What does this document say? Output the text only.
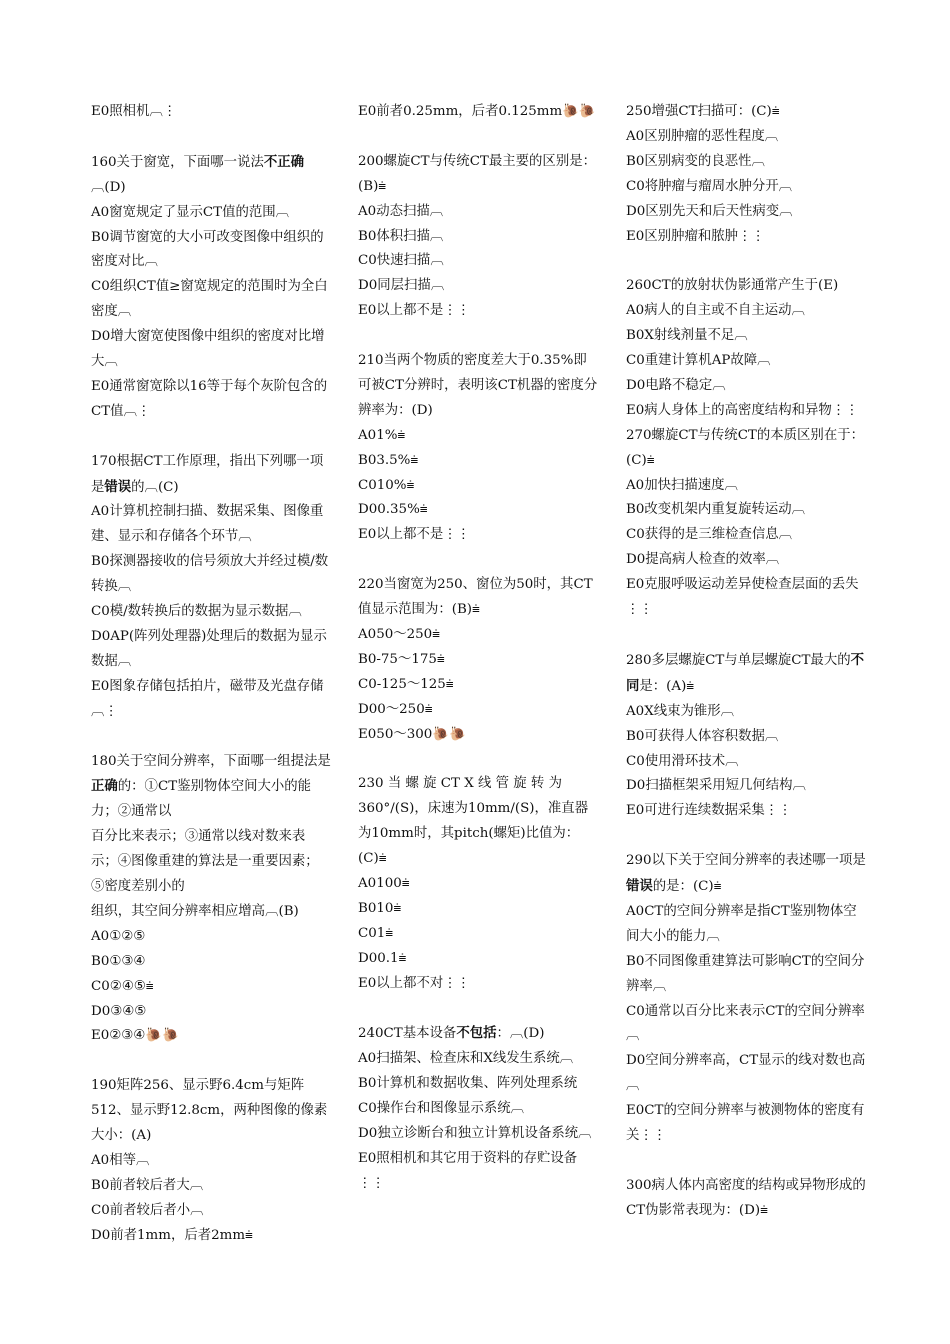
E0照相机︹⋮

160关于窗宽，下面哪一说法不正确︹(D)

A0窗宽规定了显示CT值的范围︹

B0调节窗宽的大小可改变图像中组织的密度对比︹

C0组织CT值≥窗宽规定的范围时为全白密度︹

D0增大窗宽使图像中组织的密度对比增大︹

E0通常窗宽除以16等于每个灰阶包含的CT值︹⋮

170根据CT工作原理，指出下列哪一项是错误的︹(C)

A0计算机控制扫描、数据采集、图像重建、显示和存储各个环节︹

B0探测器接收的信号须放大并经过模/数转换︹

C0模/数转换后的数据为显示数据︹

D0AP(阵列处理器)处理后的数据为显示数据︹

E0图象存储包括拍片，磁带及光盘存储︹⋮

180关于空间分辨率，下面哪一组提法是正确的：①CT鉴别物体空间大小的能力；②通常以

百分比来表示；③通常以线对数来表示；④图像重建的算法是一重要因素；⑤密度差别小的

组织，其空间分辨率相应增高︹(B)

A0①②⑤

B0①③④

C0②④⑤⩧

D0③④⑤

E0②③④🐌🐌

190矩阵256、显示野6.4cm与矩阵512、显示野12.8cm，两种图像的像素大小：(A)

A0相等︹

B0前者较后者大︹

C0前者较后者小︹

D0前者1mm，后者2mm⩧

E0前者0.25mm，后者0.125mm🐌🐌

200螺旋CT与传统CT最主要的区别是：(B)⩧

A0动态扫描︹

B0体积扫描︹

C0快速扫描︹

D0同层扫描︹

E0以上都不是⋮⋮

210当两个物质的密度差大于0.35%即可被CT分辨时，表明该CT机器的密度分辨率为：(D)

A01%⩧

B03.5%⩧

C010%⩧

D00.35%⩧

E0以上都不是⋮⋮

220当窗宽为250、窗位为50时，其CT值显示范围为：(B)⩧

A050～250⩧

B0-75～175⩧

C0-125～125⩧

D00～250⩧

E050～300🐌🐌

230 当 螺 旋 CT X 线 管 旋 转 为360°/(S)，床速为10mm/(S)，准直器为10mm时，其pitch(螺矩)比值为：(C)⩧

A0100⩧

B010⩧

C01⩧

D00.1⩧

E0以上都不对⋮⋮

240CT基本设备不包括：︹(D)

A0扫描架、检查床和X线发生系统︹

B0计算机和数据收集、阵列处理系统

C0操作台和图像显示系统︹

D0独立诊断台和独立计算机设备系统︹

E0照相机和其它用于资料的存贮设备⋮⋮

250增强CT扫描可：(C)⩧

A0区别肿瘤的恶性程度︹

B0区别病变的良恶性︹

C0将肿瘤与瘤周水肿分开︹

D0区别先天和后天性病变︹

E0区别肿瘤和脓肿⋮⋮

260CT的放射状伪影通常产生于(E)

A0病人的自主或不自主运动︹

B0X射线剂量不足︹

C0重建计算机AP故障︹

D0电路不稳定︹

E0病人身体上的高密度结构和异物⋮⋮

270螺旋CT与传统CT的本质区别在于：(C)⩧

A0加快扫描速度︹

B0改变机架内重复旋转运动︹

C0获得的是三维检查信息︹

D0提高病人检查的效率︹

E0克服呼吸运动差异使检查层面的丢失⋮⋮

280多层螺旋CT与单层螺旋CT最大的不同是：(A)⩧

A0X线束为锥形︹

B0可获得人体容积数据︹

C0使用滑环技术︹

D0扫描框架采用短几何结构︹

E0可进行连续数据采集⋮⋮

290以下关于空间分辨率的表述哪一项是错误的是：(C)⩧

A0CT的空间分辨率是指CT鉴别物体空间大小的能力︹

B0不同图像重建算法可影响CT的空间分辨率︹

C0通常以百分比来表示CT的空间分辨率︹

D0空间分辨率高，CT显示的线对数也高︹

E0CT的空间分辨率与被测物体的密度有关⋮⋮

300病人体内高密度的结构或异物形成的CT伪影常表现为：(D)⩧
